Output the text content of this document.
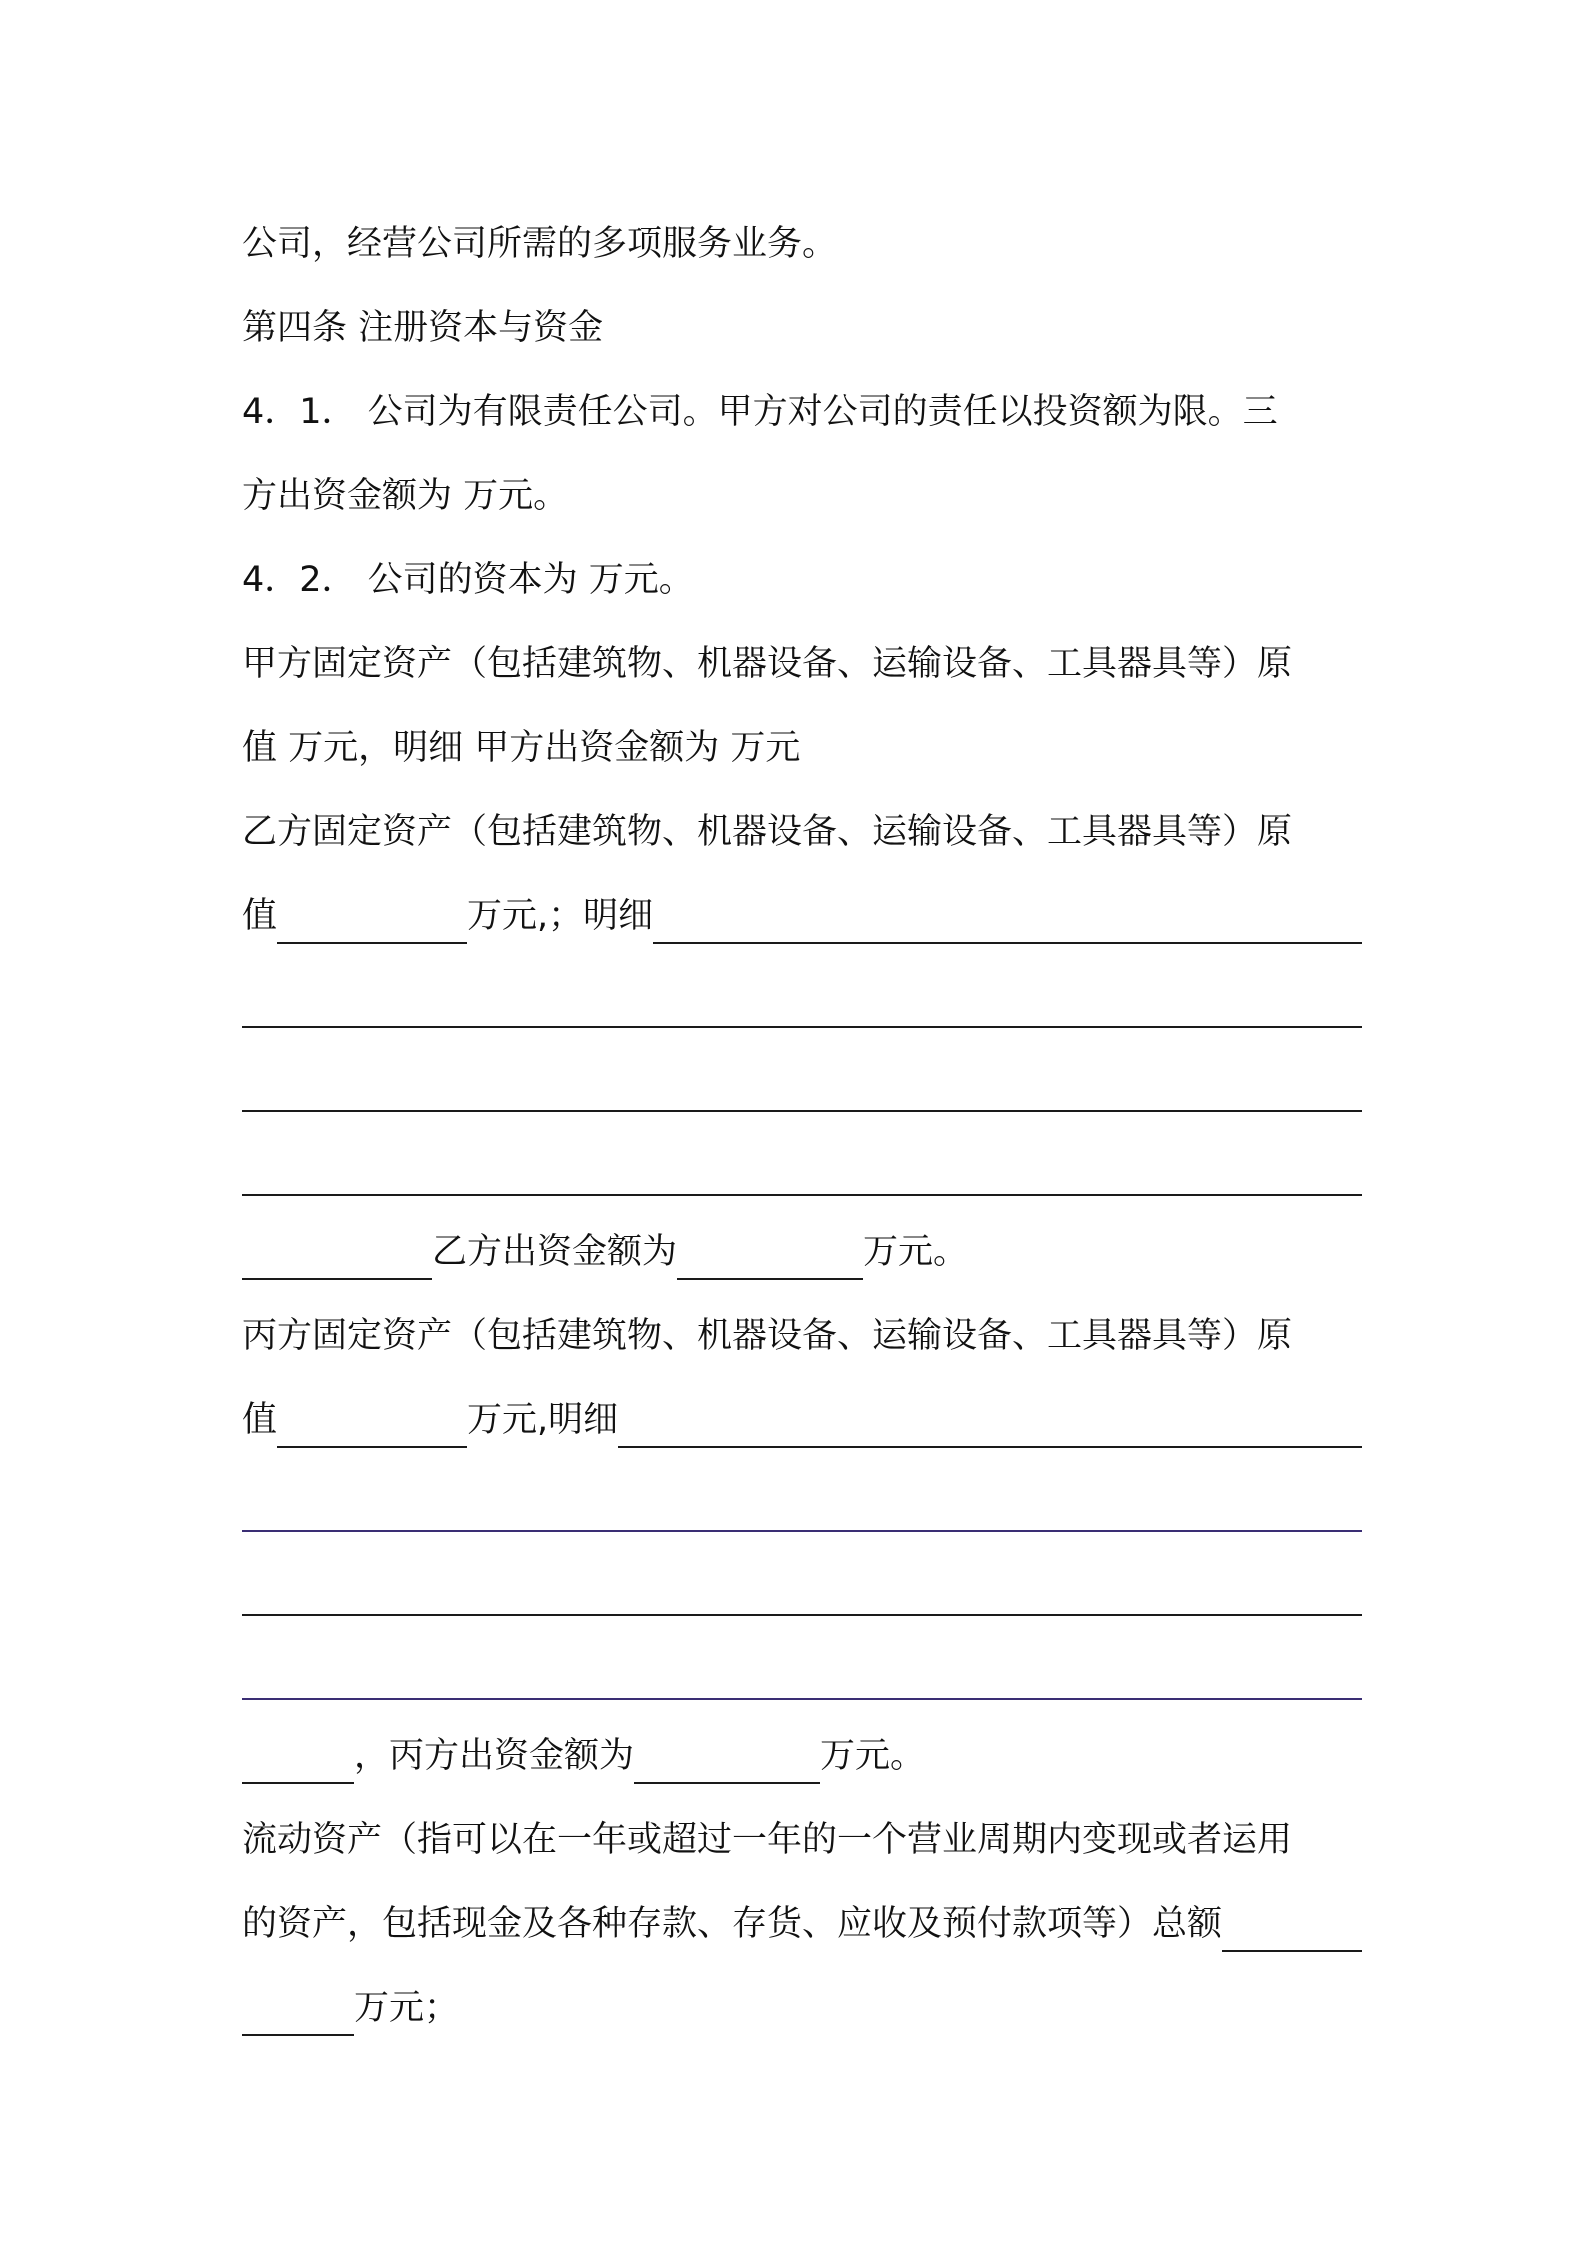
公司，经营公司所需的多项服务业务。
第四条 注册资本与资金
4．1． 公司为有限责任公司。甲方对公司的责任以投资额为限。三
方出资金额为 万元。
4．2． 公司的资本为 万元。
甲方固定资产（包括建筑物、机器设备、运输设备、工具器具等）原
值 万元，明细 甲方出资金额为 万元
乙方固定资产（包括建筑物、机器设备、运输设备、工具器具等）原
值	万元,；明细
乙方出资金额为	万元。
丙方固定资产（包括建筑物、机器设备、运输设备、工具器具等）原
值	万元,明细
，丙方出资金额为	万元。
流动资产（指可以在一年或超过一年的一个营业周期内变现或者运用
的资产，包括现金及各种存款、存货、应收及预付款项等）总额
万元；
